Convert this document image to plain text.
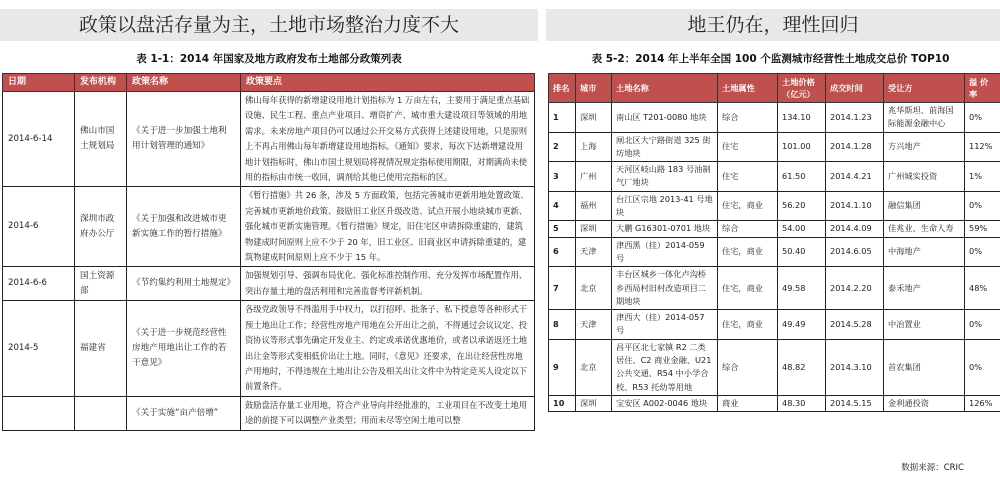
政策以盘活存量为主，土地市场整治力度不大
表 1-1：2014 年国家及地方政府发布土地部分政策列表
日期	发布机构	政策名称	政策要点
2014-6-14	佛山市国土规划局	《关于进一步加强土地利用计划管理的通知》	佛山每年获得的新增建设用地计划指标为 1 万亩左右，主要用于满足重点基础设施、民生工程、重点产业项目、增资扩产、城市重大建设项目等领域的用地需求。未来房地产项目仍可以通过公开交易方式获得上述建设用地，只是原则上不再占用佛山每年新增建设用地指标。《通知》要求，每次下达新增建设用地计划指标时，佛山市国土规划局将视情况规定指标使用期限，对期满尚未使用的指标由市统一收回，调剂给其他已使用完指标的区。
2014-6	深圳市政府办公厅	《关于加强和改进城市更新实施工作的暂行措施》	《暂行措施》共 26 条，涉及 5 方面政策，包括完善城市更新用地处置政策、完善城市更新地价政策、鼓励旧工业区升级改造、试点开展小地块城市更新、强化城市更新实施管理。《暂行措施》规定，旧住宅区申请拆除重建的，建筑物建成时间原则上应不少于 20 年，旧工业区、旧商业区申请拆除重建的，建筑物建成时间原则上应不少于 15 年。
2014-6-6	国土资源部	《节约集约利用土地规定》	加强规划引导、强调布局优化、强化标准控制作用、充分发挥市场配置作用、突出存量土地的盘活利用和完善监督考评新机制。
2014-5	福建省	《关于进一步规范经营性房地产用地出让工作的若干意见》	各级党政领导不得滥用手中权力，以打招呼、批条子、私下授意等各种形式干预土地出让工作；经营性房地产用地在公开出让之前，不得通过会议议定、投资协议等形式事先确定开发业主、约定或承诺优惠地价，或者以承诺返还土地出让金等形式变相低价出让土地。同时，《意见》还要求，在出让经营性房地产用地时，不得违规在土地出让公告及相关出让文件中为特定竞买人设定以下前置条件。
		《关于实施“亩产倍增”	鼓励盘活存量工业用地，符合产业导向并经批准的，工业项目在不改变土地用途的前提下可以调整产业类型；用而未尽等空闲土地可以整
地王仍在，理性回归
表 5-2：2014 年上半年全国 100 个监测城市经营性土地成交总价 TOP10
排名	城市	土地名称	土地属性	土地价格（亿元）	成交时间	受让方	溢 价率
1	深圳	南山区 T201-0080 地块	综合	134.10	2014.1.23	兆华斯坦、前海国际能源金融中心	0%
2	上海	闸北区大宁路街道 325 街坊地块	住宅	101.00	2014.1.28	方兴地产	112%
3	广州	天河区岐山路 183 号油制气厂地块	住宅	61.50	2014.4.21	广州城实投资	1%
4	福州	台江区宗地 2013-41 号地块	住宅，商业	56.20	2014.1.10	融信集团	0%
5	深圳	大鹏 G16301-0701 地块	综合	54.00	2014.4.09	佳兆业、生命人寿	59%
6	天津	津西黑（挂）2014-059 号	住宅，商业	50.40	2014.6.05	中海地产	0%
7	北京	丰台区城乡一体化卢沟桥乡西局村旧村改造项目二期地块	住宅，商业	49.58	2014.2.20	泰禾地产	48%
8	天津	津西大（挂）2014-057 号	住宅，商业	49.49	2014.5.28	中冶置业	0%
9	北京	昌平区北七家镇 R2 二类居住、C2 商业金融、U21 公共交通、R54 中小学合校、R53 托幼等用地	综合	48.82	2014.3.10	首农集团	0%
10	深圳	宝安区 A002-0046 地块	商业	48.30	2014.5.15	金利通投资	126%
数据来源：CRIC
